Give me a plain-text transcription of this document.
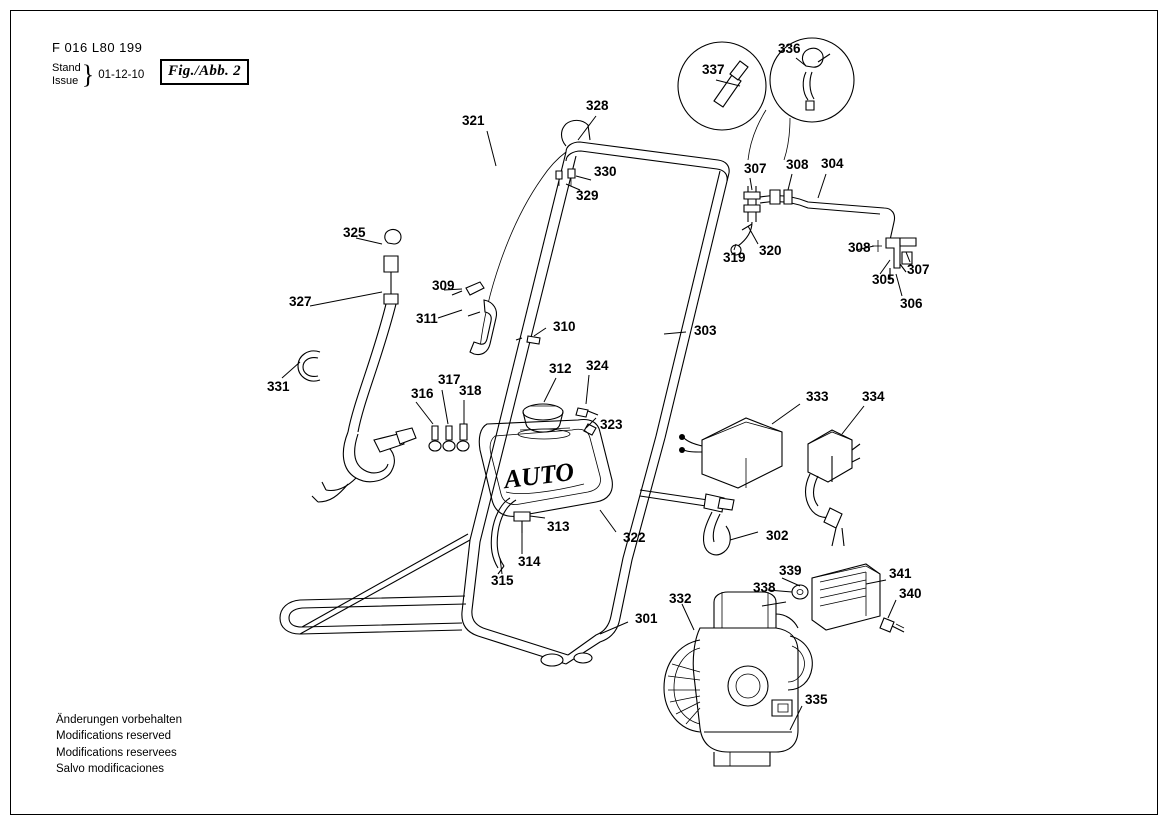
F 016 L80 199
Stand
Issue } 01-12-10	Fig./Abb. 2
Änderungen vorbehalten
Modifications reserved
Modifications reservees
Salvo modificaciones
AUTO
321
328
330
329
337
336
307 308 304
319 320	308
305
306
307
325
327
331
309
311
310	303
312 324
323
316
317
318	333 334
313
314
315
322	302
339
338
341
340
332
301
335
